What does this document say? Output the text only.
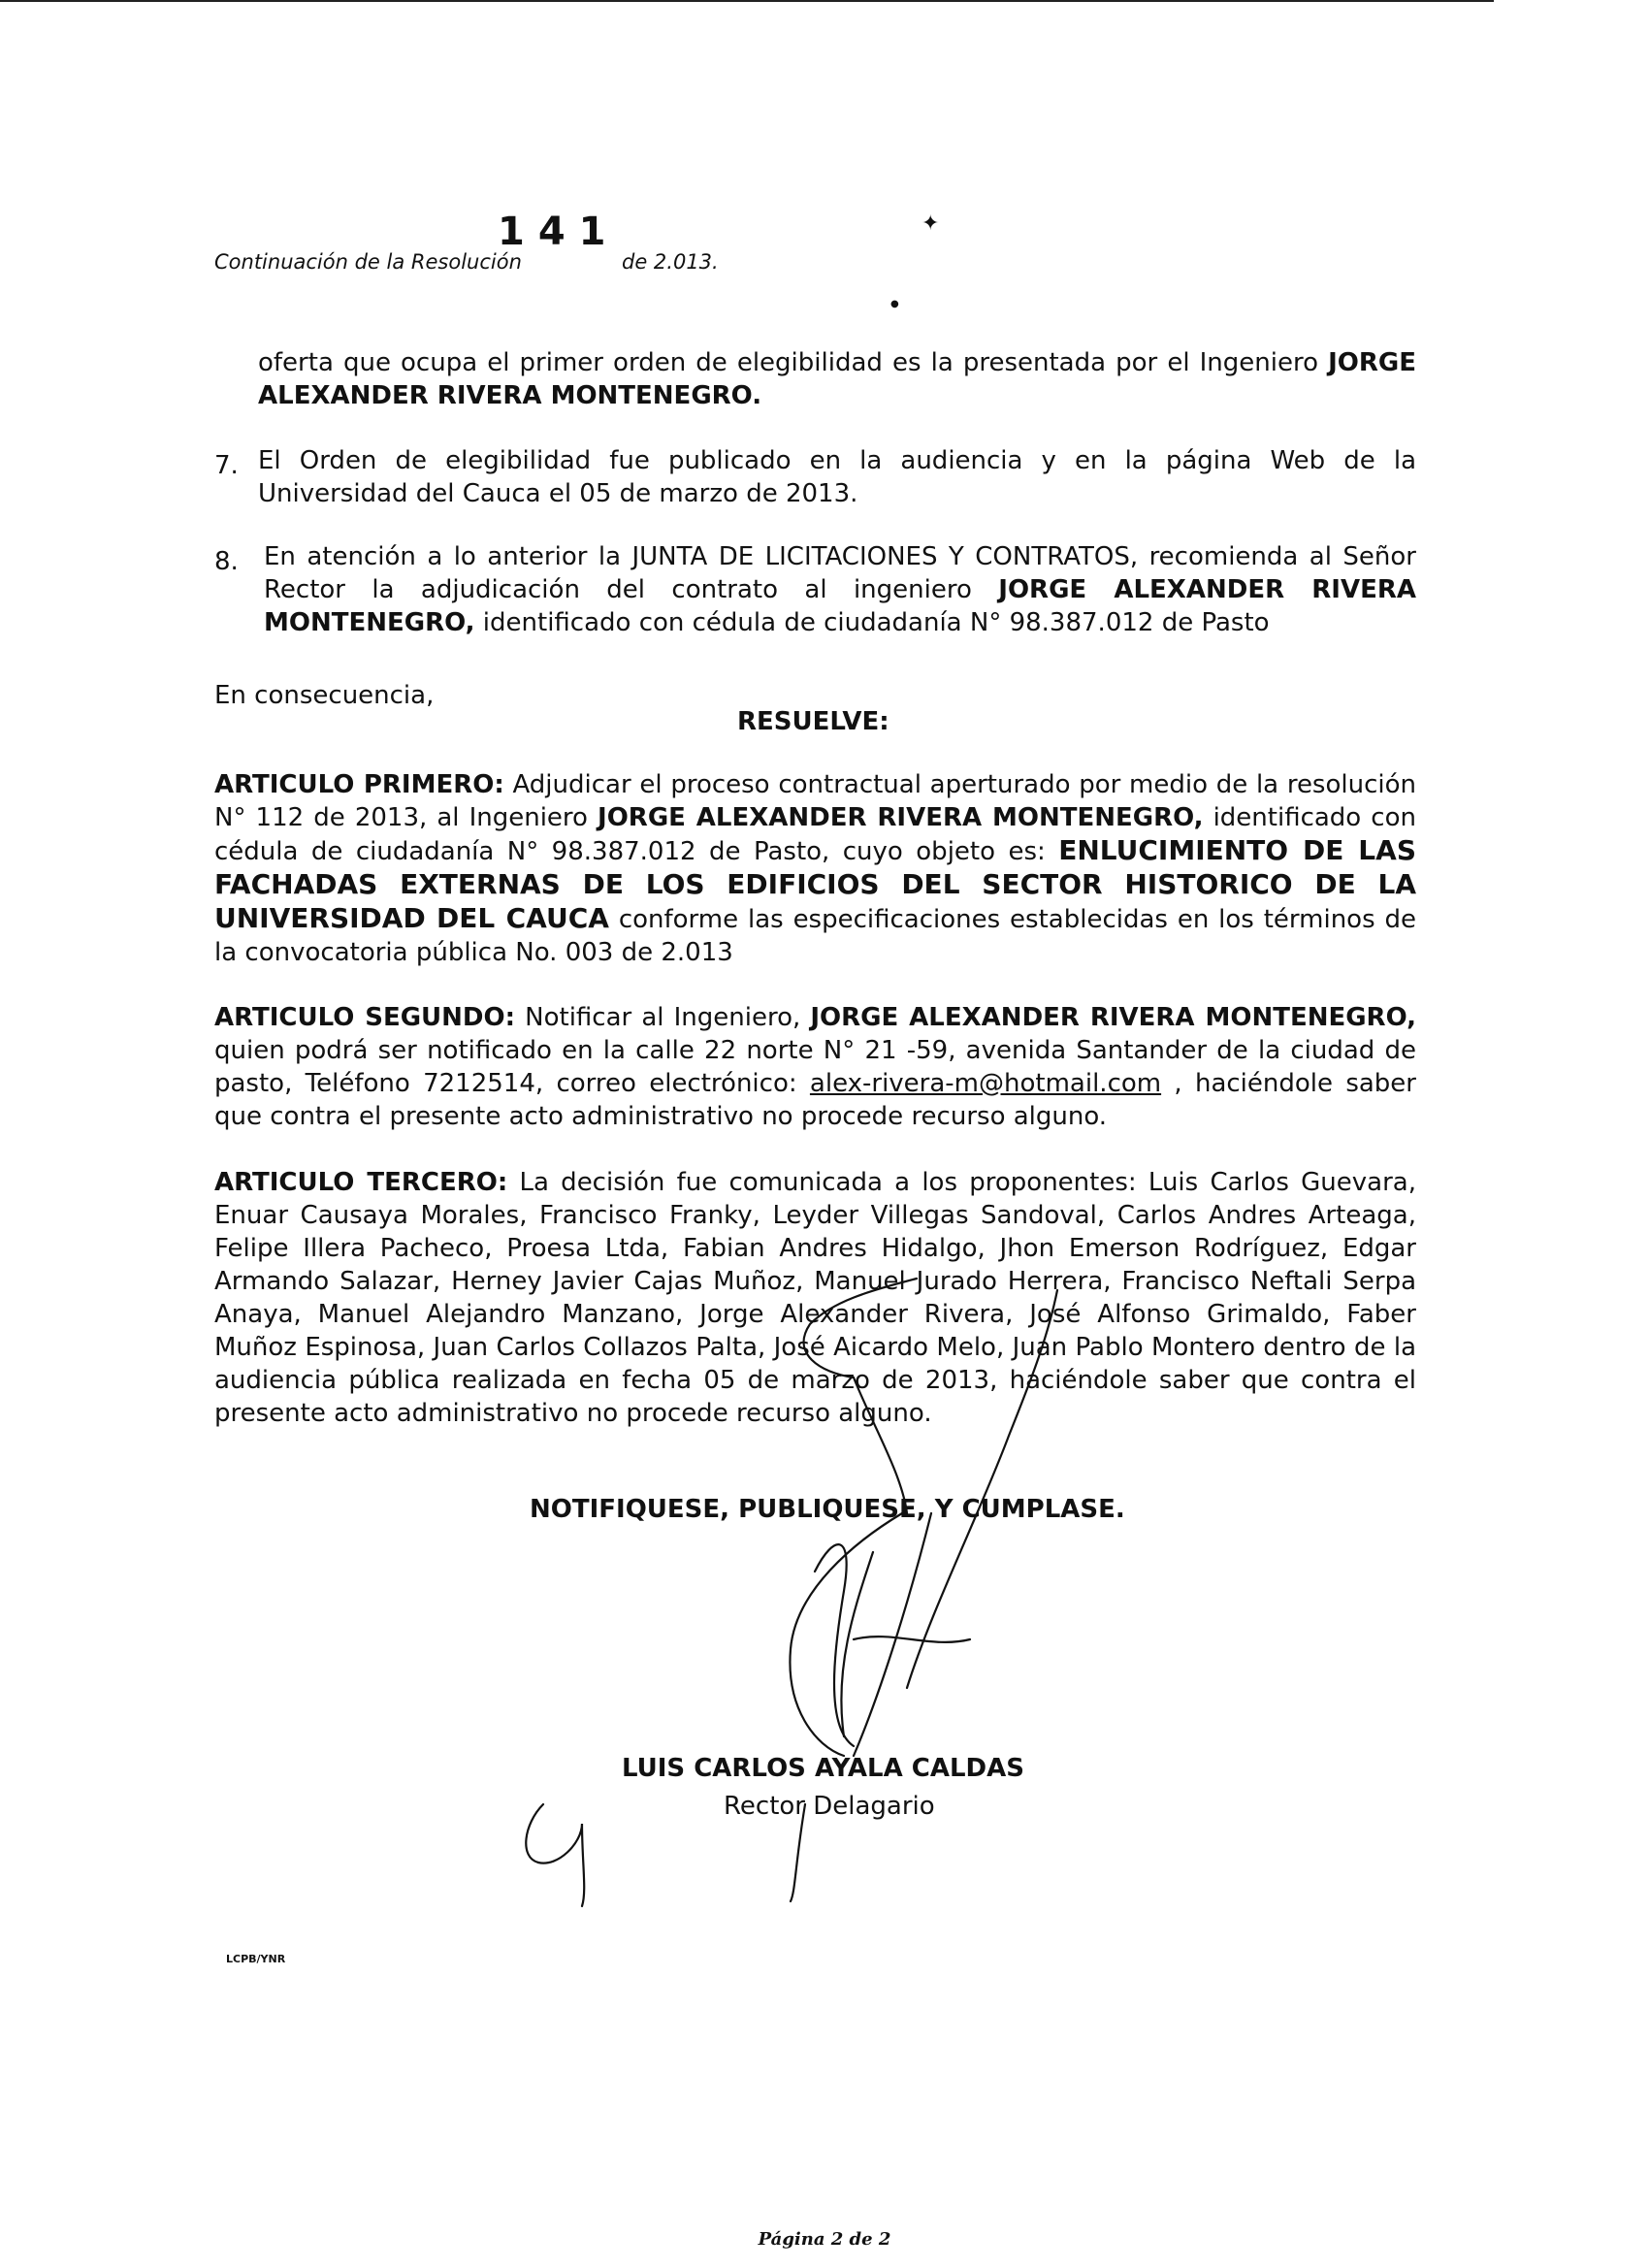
141
Continuación de la Resolución	de 2.013.
✦
●
oferta que ocupa el primer orden de elegibilidad es la presentada por el Ingeniero JORGE ALEXANDER RIVERA MONTENEGRO.
7. El Orden de elegibilidad fue publicado en la audiencia y en la página Web de la Universidad del Cauca el 05 de marzo de 2013.
8. En atención a lo anterior la JUNTA DE LICITACIONES Y CONTRATOS, recomienda al Señor Rector la adjudicación del contrato al ingeniero JORGE ALEXANDER RIVERA MONTENEGRO, identificado con cédula de ciudadanía N° 98.387.012 de Pasto
En consecuencia,
RESUELVE:
ARTICULO PRIMERO: Adjudicar el proceso contractual aperturado por medio de la resolución N° 112 de 2013, al Ingeniero JORGE ALEXANDER RIVERA MONTENEGRO, identificado con cédula de ciudadanía N° 98.387.012 de Pasto, cuyo objeto es: ENLUCIMIENTO DE LAS FACHADAS EXTERNAS DE LOS EDIFICIOS DEL SECTOR HISTORICO DE LA UNIVERSIDAD DEL CAUCA conforme las especificaciones establecidas en los términos de la convocatoria pública No. 003 de 2.013
ARTICULO SEGUNDO: Notificar al Ingeniero, JORGE ALEXANDER RIVERA MONTENEGRO, quien podrá ser notificado en la calle 22 norte N° 21 -59, avenida Santander de la ciudad de pasto, Teléfono 7212514, correo electrónico: alex-rivera-m@hotmail.com , haciéndole saber que contra el presente acto administrativo no procede recurso alguno.
ARTICULO TERCERO: La decisión fue comunicada a los proponentes: Luis Carlos Guevara, Enuar Causaya Morales, Francisco Franky, Leyder Villegas Sandoval, Carlos Andres Arteaga, Felipe Illera Pacheco, Proesa Ltda, Fabian Andres Hidalgo, Jhon Emerson Rodríguez, Edgar Armando Salazar, Herney Javier Cajas Muñoz, Manuel Jurado Herrera, Francisco Neftali Serpa Anaya, Manuel Alejandro Manzano, Jorge Alexander Rivera, José Alfonso Grimaldo, Faber Muñoz Espinosa, Juan Carlos Collazos Palta, José Aicardo Melo, Juan Pablo Montero dentro de la audiencia pública realizada en fecha 05 de marzo de 2013, haciéndole saber que contra el presente acto administrativo no procede recurso alguno.
NOTIFIQUESE, PUBLIQUESE, Y CUMPLASE.
LUIS CARLOS AYALA CALDAS
Rector Delagario
LCPB/YNR
Página 2 de 2
